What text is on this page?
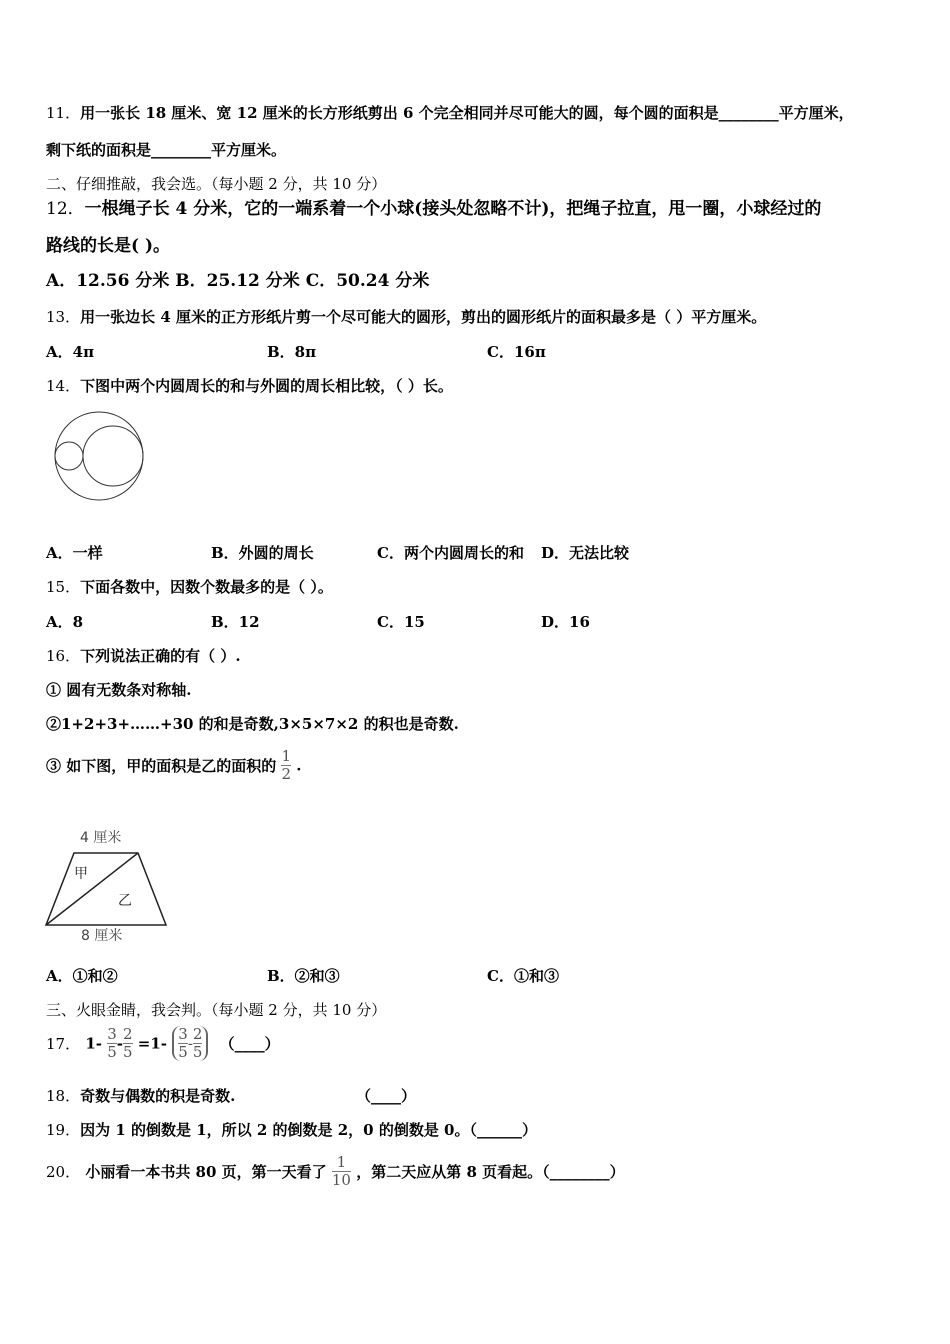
11．用一张长 18 厘米、宽 12 厘米的长方形纸剪出 6 个完全相同并尽可能大的圆，每个圆的面积是________平方厘米，
剩下纸的面积是________平方厘米。
二、仔细推敲，我会选。（每小题 2 分，共 10 分）
12．一根绳子长 4 分米，它的一端系着一个小球(接头处忽略不计)，把绳子拉直，甩一圈，小球经过的
路线的长是( )。
A．12.56 分米 B．25.12 分米 C．50.24 分米
13．用一张边长 4 厘米的正方形纸片剪一个尽可能大的圆形，剪出的圆形纸片的面积最多是（ ）平方厘米。
A．4π	B．8π	C．16π
14．下图中两个内圆周长的和与外圆的周长相比较，（ ）长。
A．一样	B．外圆的周长	C．两个内圆周长的和 D．无法比较
15．下面各数中，因数个数最多的是（ ）。
A．8	B．12	C．15	D．16
16．下列说法正确的有（ ）.
① 圆有无数条对称轴.
②1+2+3+……+30 的和是奇数,3×5×7×2 的积也是奇数.
③ 如下图，甲的面积是乙的面积的 $\frac{1}{2}$ .
4 厘米
甲
乙
8 厘米
A．①和②	B．②和③	C．①和③
三、火眼金睛，我会判。（每小题 2 分，共 10 分）
17． $1- \frac{3}{5} - \frac{2}{5} =1- \frac{3}{5} - \frac{2}{5}$ （____）
18．奇数与偶数的积是奇数.	（____）
19．因为 1 的倒数是 1，所以 2 的倒数是 2，0 的倒数是 0。（______）
20． 小丽看一本书共 80 页，第一天看了 $\frac{1}{10}$ ，第二天应从第 8 页看起。（________）
